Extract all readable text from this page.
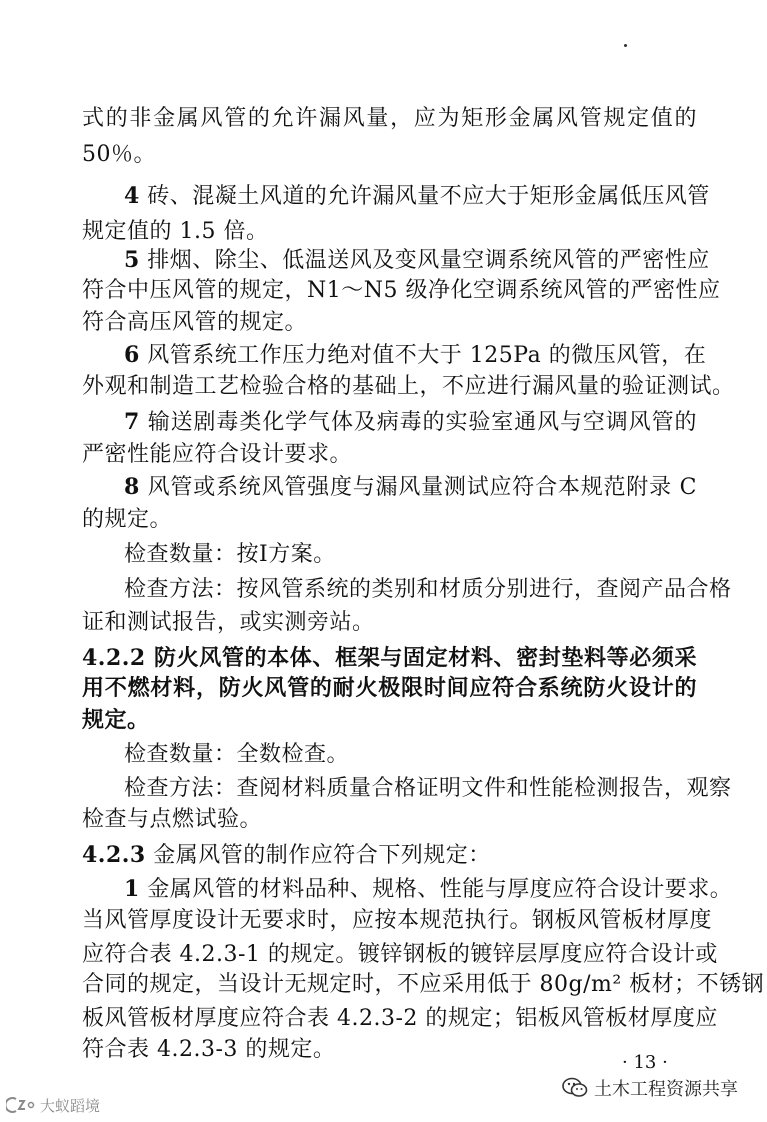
式的非金属风管的允许漏风量，应为矩形金属风管规定值的
50％。
4 砖、混凝土风道的允许漏风量不应大于矩形金属低压风管
规定值的 1.5 倍。
5 排烟、除尘、低温送风及变风量空调系统风管的严密性应
符合中压风管的规定，N1～N5 级净化空调系统风管的严密性应
符合高压风管的规定。
6 风管系统工作压力绝对值不大于 125Pa 的微压风管，在
外观和制造工艺检验合格的基础上，不应进行漏风量的验证测试。
7 输送剧毒类化学气体及病毒的实验室通风与空调风管的
严密性能应符合设计要求。
8 风管或系统风管强度与漏风量测试应符合本规范附录 C
的规定。
检查数量：按Ⅰ方案。
检查方法：按风管系统的类别和材质分别进行，查阅产品合格
证和测试报告，或实测旁站。
4.2.2 防火风管的本体、框架与固定材料、密封垫料等必须采
用不燃材料，防火风管的耐火极限时间应符合系统防火设计的
规定。
检查数量：全数检查。
检查方法：查阅材料质量合格证明文件和性能检测报告，观察
检查与点燃试验。
4.2.3 金属风管的制作应符合下列规定：
1 金属风管的材料品种、规格、性能与厚度应符合设计要求。
当风管厚度设计无要求时，应按本规范执行。钢板风管板材厚度
应符合表 4.2.3-1 的规定。镀锌钢板的镀锌层厚度应符合设计或
合同的规定，当设计无规定时，不应采用低于 80g/m² 板材；不锈钢
板风管板材厚度应符合表 4.2.3-2 的规定；铝板风管板材厚度应
符合表 4.2.3-3 的规定。
· 13 ·
土木工程资源共享
大蚁蹈境
